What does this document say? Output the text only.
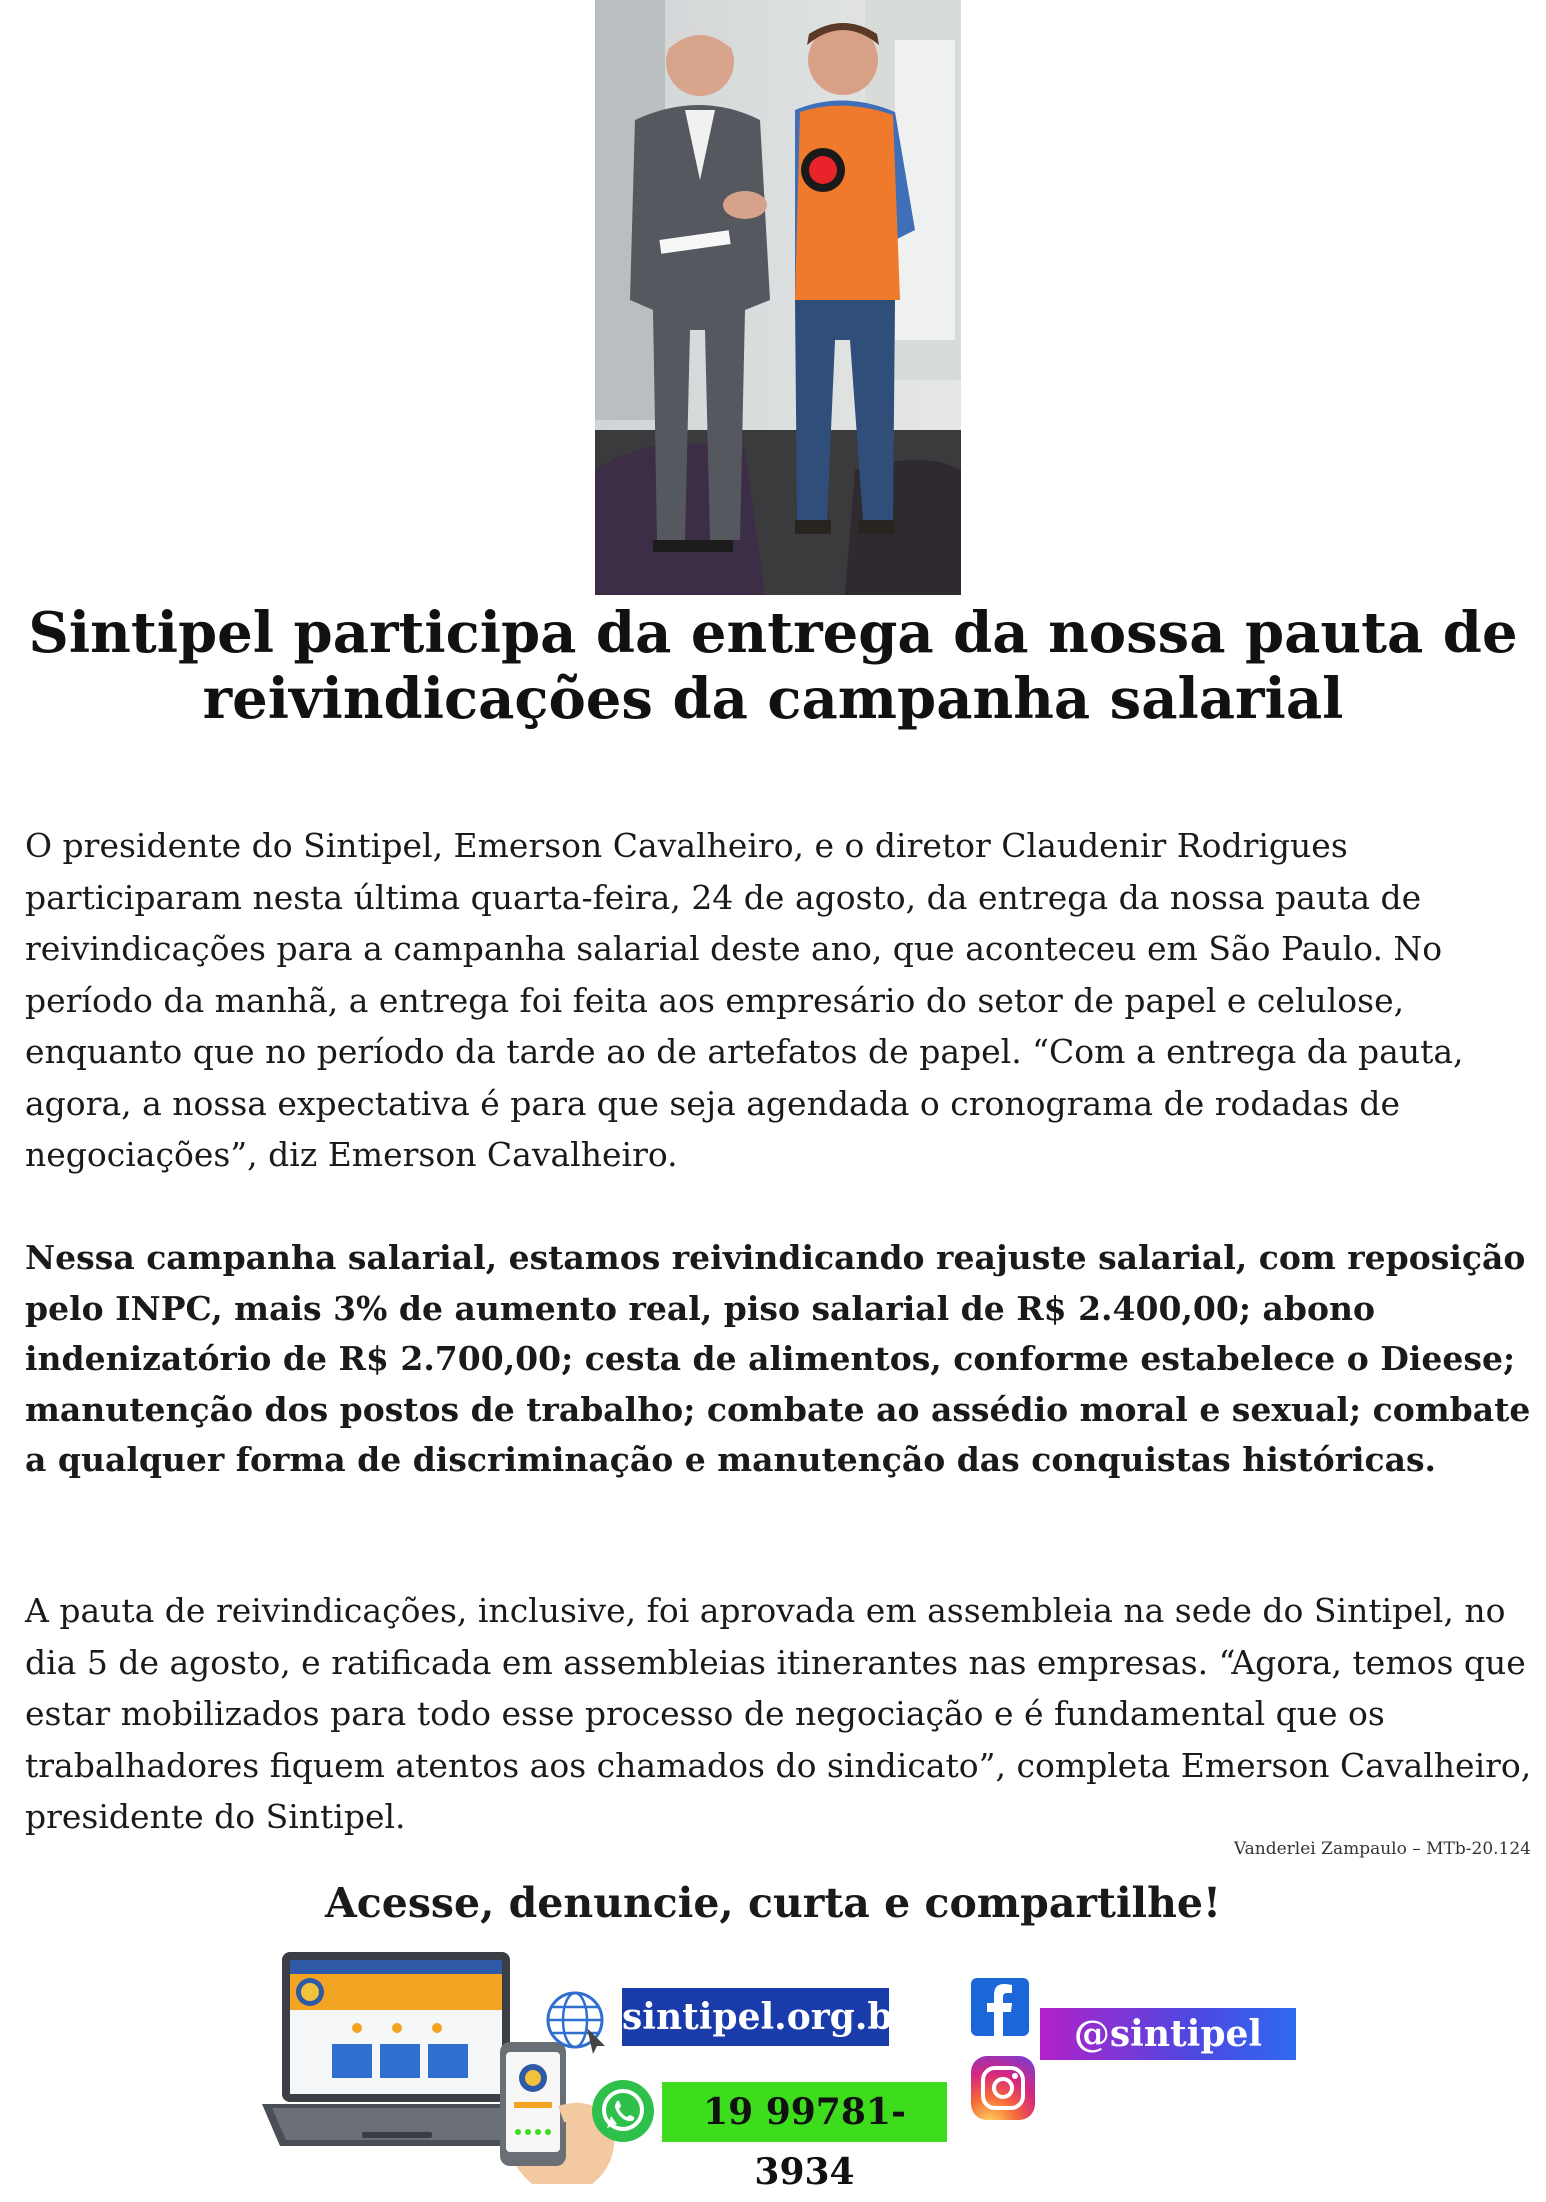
Sintipel participa da entrega da nossa pauta de reivindicações da campanha salarial

O presidente do Sintipel, Emerson Cavalheiro, e o diretor Claudenir Rodrigues participaram nesta última quarta-feira, 24 de agosto, da entrega da nossa pauta de reivindicações para a campanha salarial deste ano, que aconteceu em São Paulo. No período da manhã, a entrega foi feita aos empresário do setor de papel e celulose, enquanto que no período da tarde ao de artefatos de papel. “Com a entrega da pauta, agora, a nossa expectativa é para que seja agendada o cronograma de rodadas de negociações”, diz Emerson Cavalheiro.

Nessa campanha salarial, estamos reivindicando reajuste salarial, com reposição pelo INPC, mais 3% de aumento real, piso salarial de R$ 2.400,00; abono indenizatório de R$ 2.700,00; cesta de alimentos, conforme estabelece o Dieese; manutenção dos postos de trabalho; combate ao assédio moral e sexual; combate a qualquer forma de discriminação e manutenção das conquistas históricas.

A pauta de reivindicações, inclusive, foi aprovada em assembleia na sede do Sintipel, no dia 5 de agosto, e ratificada em assembleias itinerantes nas empresas. “Agora, temos que estar mobilizados para todo esse processo de negociação e é fundamental que os trabalhadores fiquem atentos aos chamados do sindicato”, completa Emerson Cavalheiro, presidente do Sintipel.

Vanderlei Zampaulo – MTb-20.124

Acesse, denuncie, curta e compartilhe!
sintipel.org.br
19 99781-3934
@sintipel
